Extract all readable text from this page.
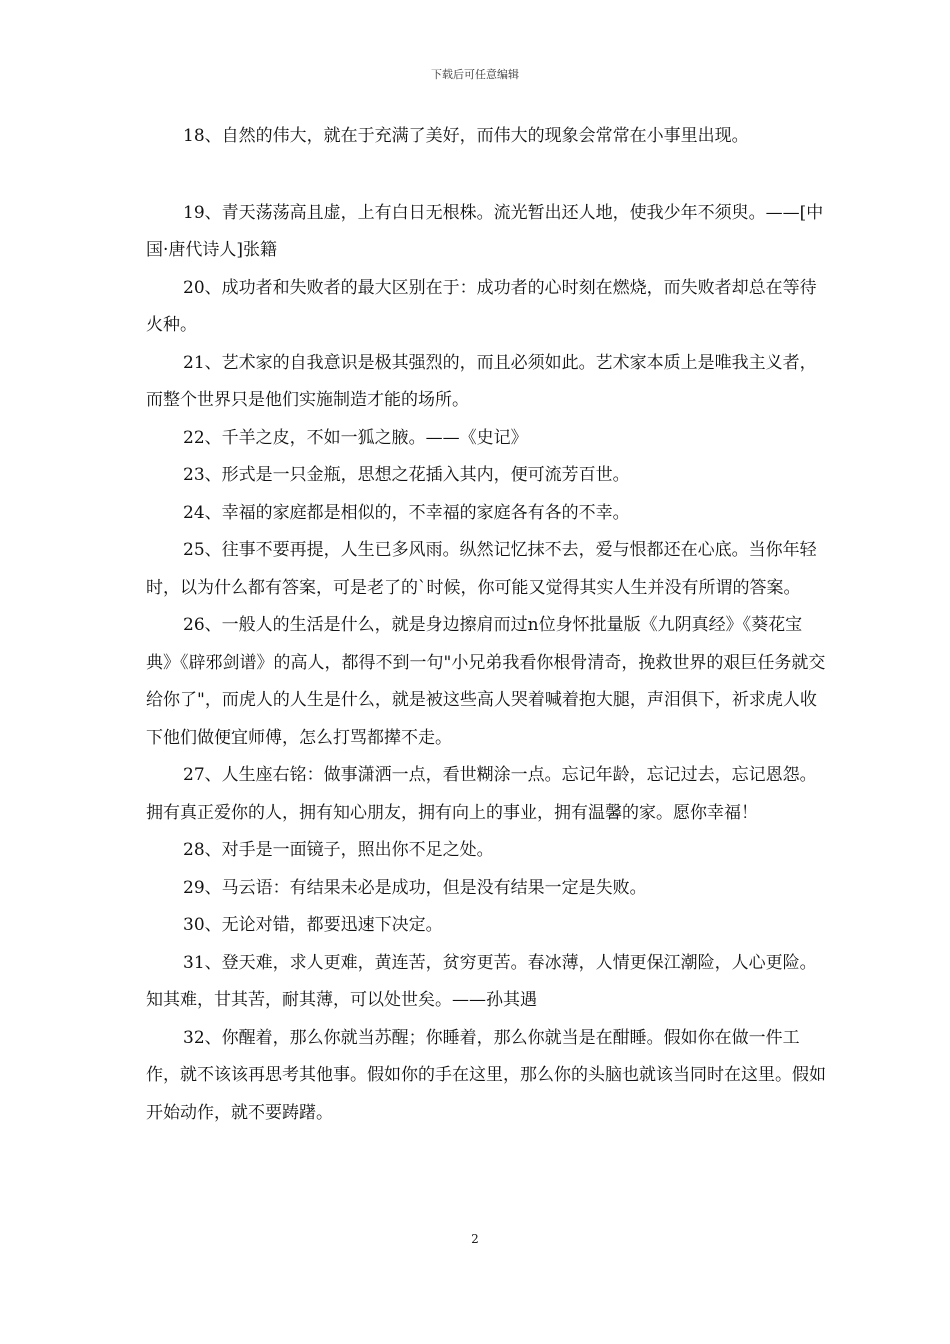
下载后可任意编辑

18、自然的伟大，就在于充满了美好，而伟大的现象会常常在小事里出现。

19、青天荡荡高且虚，上有白日无根株。流光暂出还人地，使我少年不须臾。——[中国·唐代诗人]张籍

20、成功者和失败者的最大区别在于：成功者的心时刻在燃烧，而失败者却总在等待火种。

21、艺术家的自我意识是极其强烈的，而且必须如此。艺术家本质上是唯我主义者，而整个世界只是他们实施制造才能的场所。

22、千羊之皮，不如一狐之腋。——《史记》

23、形式是一只金瓶，思想之花插入其内，便可流芳百世。

24、幸福的家庭都是相似的，不幸福的家庭各有各的不幸。

25、往事不要再提，人生已多风雨。纵然记忆抹不去，爱与恨都还在心底。当你年轻时，以为什么都有答案，可是老了的`时候，你可能又觉得其实人生并没有所谓的答案。

26、一般人的生活是什么，就是身边擦肩而过n位身怀批量版《九阴真经》《葵花宝典》《辟邪剑谱》的高人，都得不到一句"小兄弟我看你根骨清奇，挽救世界的艰巨任务就交给你了"，而虎人的人生是什么，就是被这些高人哭着喊着抱大腿，声泪俱下，祈求虎人收下他们做便宜师傅，怎么打骂都撵不走。

27、人生座右铭：做事潇洒一点，看世糊涂一点。忘记年龄，忘记过去，忘记恩怨。拥有真正爱你的人，拥有知心朋友，拥有向上的事业，拥有温馨的家。愿你幸福！

28、对手是一面镜子，照出你不足之处。

29、马云语：有结果未必是成功，但是没有结果一定是失败。

30、无论对错，都要迅速下决定。

31、登天难，求人更难，黄连苦，贫穷更苦。春冰薄，人情更保江潮险，人心更险。知其难，甘其苦，耐其薄，可以处世矣。——孙其遇

32、你醒着，那么你就当苏醒；你睡着，那么你就当是在酣睡。假如你在做一件工作，就不该该再思考其他事。假如你的手在这里，那么你的头脑也就该当同时在这里。假如开始动作，就不要踌躇。

2
